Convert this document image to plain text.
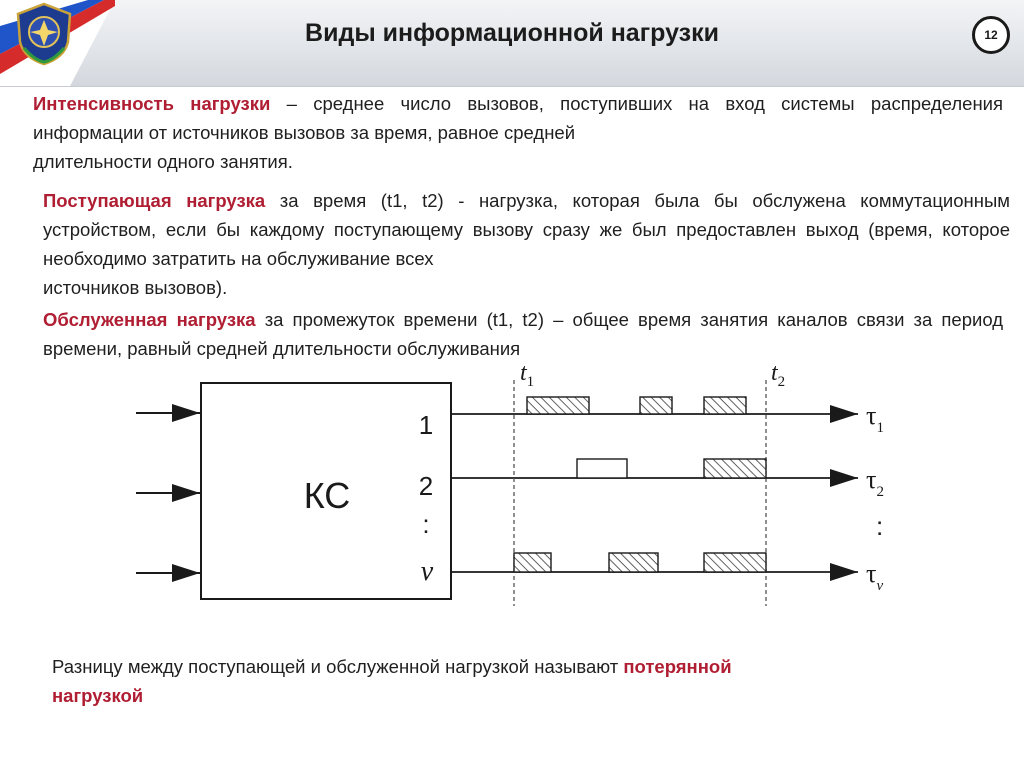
Виды информационной нагрузки	12
Интенсивность нагрузки – среднее число вызовов, поступивших на вход системы распределения информации от источников вызовов за время, равное средней
длительности одного занятия.
Поступающая нагрузка за время (t1, t2) - нагрузка, которая была бы обслужена коммутационным устройством, если бы каждому поступающему вызову сразу же был предоставлен выход (время, которое необходимо затратить на обслуживание всех
источников вызовов).
Обслуженная нагрузка за промежуток времени (t1, t2) – общее время занятия каналов связи за период времени, равный средней длительности обслуживания
КС
1
2
:
v
$t_1$	$t_2$
$\tau_1$
$\tau_2$
:
$\tau_v$
Разницу между поступающей и обслуженной нагрузкой называют потерянной
нагрузкой
